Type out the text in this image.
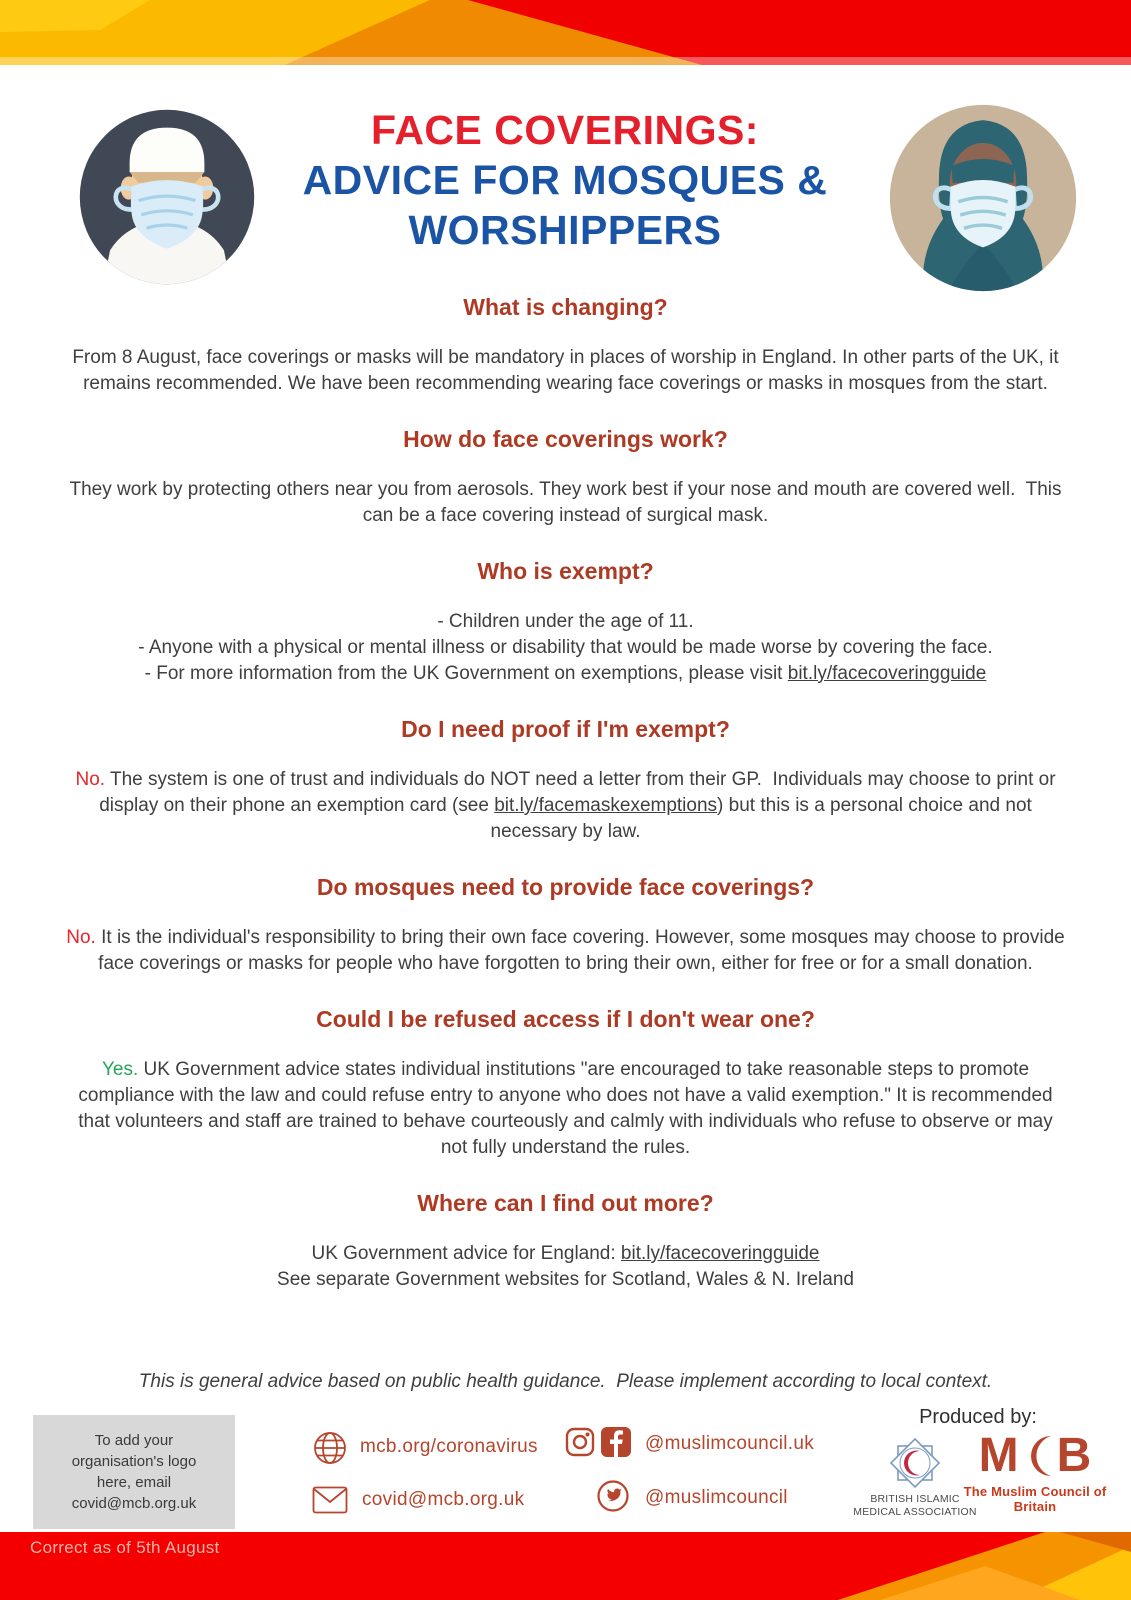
FACE COVERINGS:
ADVICE FOR MOSQUES &
WORSHIPPERS
What is changing?

From 8 August, face coverings or masks will be mandatory in places of worship in England. In other parts of the UK, it remains recommended. We have been recommending wearing face coverings or masks in mosques from the start.

How do face coverings work?

They work by protecting others near you from aerosols. They work best if your nose and mouth are covered well.  This can be a face covering instead of surgical mask.

Who is exempt?

- Children under the age of 11.

- Anyone with a physical or mental illness or disability that would be made worse by covering the face.

- For more information from the UK Government on exemptions, please visit bit.ly/facecoveringguide

Do I need proof if I'm exempt?

No. The system is one of trust and individuals do NOT need a letter from their GP.  Individuals may choose to print or display on their phone an exemption card (see bit.ly/facemaskexemptions) but this is a personal choice and not necessary by law.

Do mosques need to provide face coverings?

No. It is the individual's responsibility to bring their own face covering. However, some mosques may choose to provide face coverings or masks for people who have forgotten to bring their own, either for free or for a small donation.

Could I be refused access if I don't wear one?

Yes. UK Government advice states individual institutions "are encouraged to take reasonable steps to promote compliance with the law and could refuse entry to anyone who does not have a valid exemption." It is recommended that volunteers and staff are trained to behave courteously and calmly with individuals who refuse to observe or may not fully understand the rules.

Where can I find out more?

UK Government advice for England: bit.ly/facecoveringguide

See separate Government websites for Scotland, Wales & N. Ireland

This is general advice based on public health guidance.  Please implement according to local context.

To add your organisation's logo here, email covid@mcb.org.uk
mcb.org/coronavirus
covid@mcb.org.uk
@muslimcouncil.uk
@muslimcouncil
Produced by:
BRITISH ISLAMIC
MEDICAL ASSOCIATION
M B
The Muslim Council of Britain
Correct as of 5th August
